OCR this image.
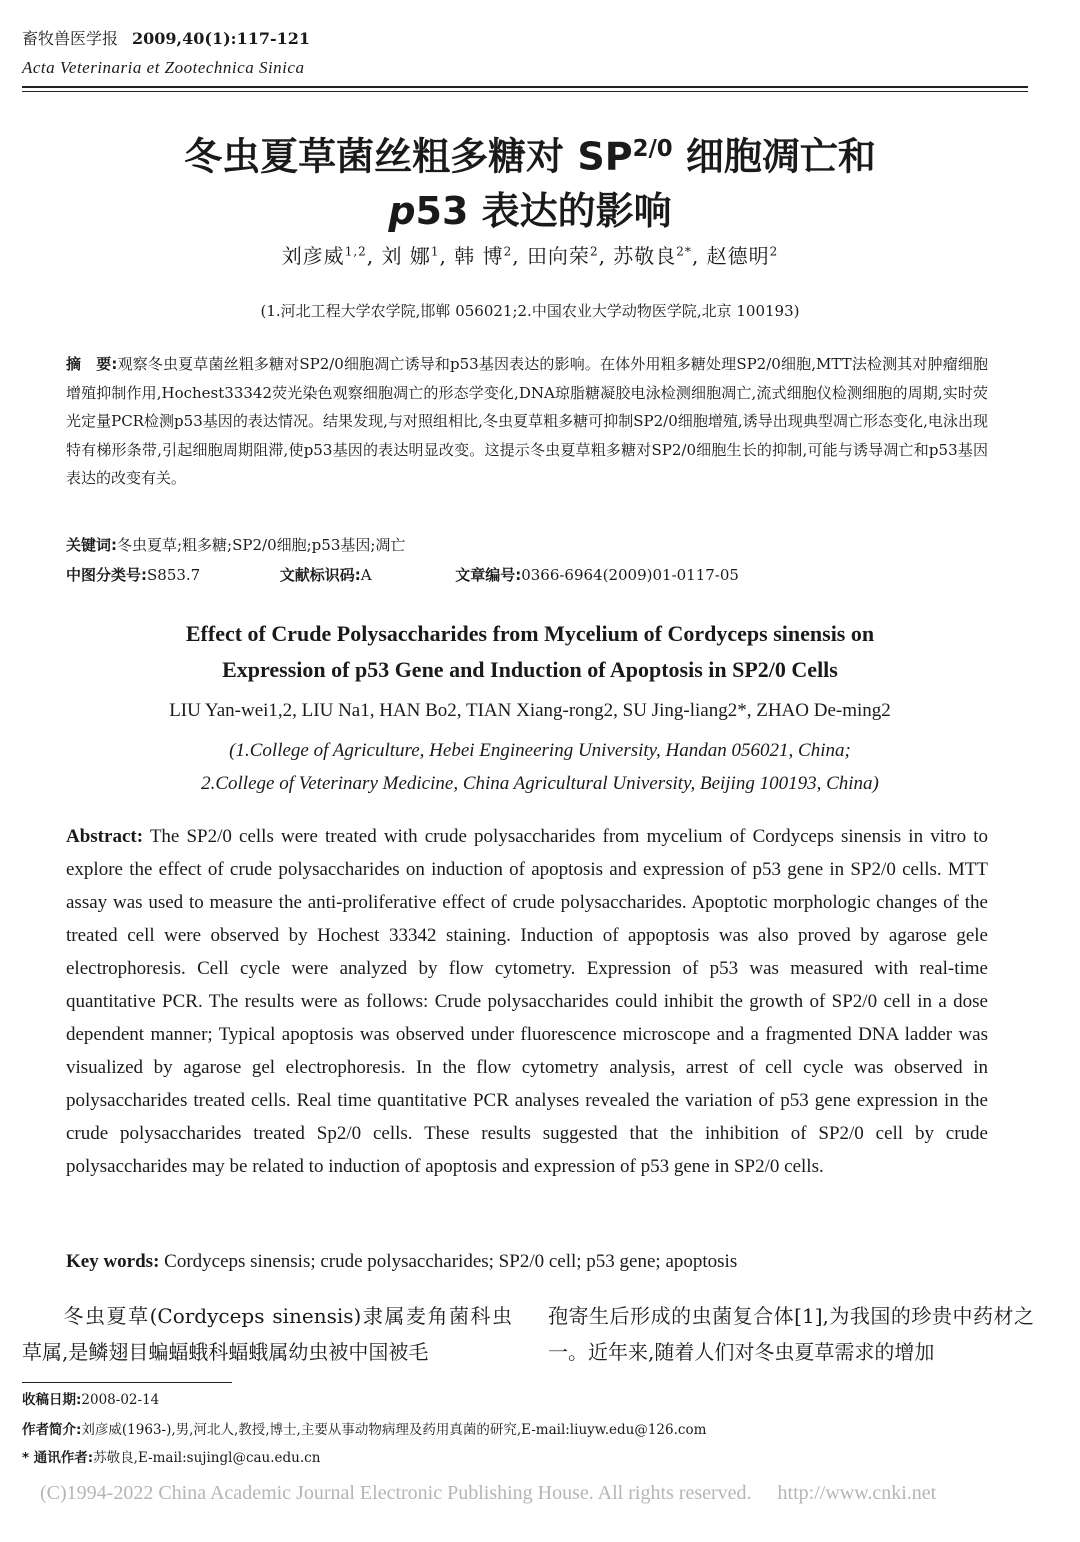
畜牧兽医学报 2009,40(1):117-121
Acta Veterinaria et Zootechnica Sinica
冬虫夏草菌丝粗多糖对 $SP^{2/0}$ 细胞凋亡和
p53 表达的影响
刘彦威$^{1,2}$, 刘 娜$^1$, 韩 博$^2$, 田向荣$^2$, 苏敬良$^{2*}$, 赵德明$^2$
(1.河北工程大学农学院,邯郸 056021;2.中国农业大学动物医学院,北京 100193)
摘　要:观察冬虫夏草菌丝粗多糖对SP2/0细胞凋亡诱导和p53基因表达的影响。在体外用粗多糖处理SP2/0细胞,MTT法检测其对肿瘤细胞增殖抑制作用,Hochest33342荧光染色观察细胞凋亡的形态学变化,DNA琼脂糖凝胶电泳检测细胞凋亡,流式细胞仪检测细胞的周期,实时荧光定量PCR检测p53基因的表达情况。结果发现,与对照组相比,冬虫夏草粗多糖可抑制SP2/0细胞增殖,诱导出现典型凋亡形态变化,电泳出现特有梯形条带,引起细胞周期阻滞,使p53基因的表达明显改变。这提示冬虫夏草粗多糖对SP2/0细胞生长的抑制,可能与诱导凋亡和p53基因表达的改变有关。
关键词:冬虫夏草;粗多糖;SP2/0细胞;p53基因;凋亡
中图分类号:S853.7	文献标识码:A	文章编号:0366-6964(2009)01-0117-05
Effect of Crude Polysaccharides from Mycelium of Cordyceps sinensis on
Expression of p53 Gene and Induction of Apoptosis in SP2/0 Cells
LIU Yan-wei1,2, LIU Na1, HAN Bo2, TIAN Xiang-rong2, SU Jing-liang2*, ZHAO De-ming2
(1.College of Agriculture, Hebei Engineering University, Handan 056021, China;
2.College of Veterinary Medicine, China Agricultural University, Beijing 100193, China)
Abstract: The SP2/0 cells were treated with crude polysaccharides from mycelium of Cordyceps sinensis in vitro to explore the effect of crude polysaccharides on induction of apoptosis and expression of p53 gene in SP2/0 cells. MTT assay was used to measure the anti-proliferative effect of crude polysaccharides. Apoptotic morphologic changes of the treated cell were observed by Hochest 33342 staining. Induction of appoptosis was also proved by agarose gele electrophoresis. Cell cycle were analyzed by flow cytometry. Expression of p53 was measured with real-time quantitative PCR. The results were as follows: Crude polysaccharides could inhibit the growth of SP2/0 cell in a dose dependent manner; Typical apoptosis was observed under fluorescence microscope and a fragmented DNA ladder was visualized by agarose gel electrophoresis. In the flow cytometry analysis, arrest of cell cycle was observed in polysaccharides treated cells. Real time quantitative PCR analyses revealed the variation of p53 gene expression in the crude polysaccharides treated Sp2/0 cells. These results suggested that the inhibition of SP2/0 cell by crude polysaccharides may be related to induction of apoptosis and expression of p53 gene in SP2/0 cells.
Key words: Cordyceps sinensis; crude polysaccharides; SP2/0 cell; p53 gene; apoptosis
冬虫夏草(Cordyceps sinensis)隶属麦角菌科虫草属,是鳞翅目蝙蝠蛾科蝠蛾属幼虫被中国被毛
孢寄生后形成的虫菌复合体[1],为我国的珍贵中药材之一。近年来,随着人们对冬虫夏草需求的增加
收稿日期:2008-02-14
作者简介:刘彦威(1963-),男,河北人,教授,博士,主要从事动物病理及药用真菌的研究,E-mail:liuyw.edu@126.com
* 通讯作者:苏敬良,E-mail:sujingl@cau.edu.cn
(C)1994-2022 China Academic Journal Electronic Publishing House. All rights reserved. http://www.cnki.net
